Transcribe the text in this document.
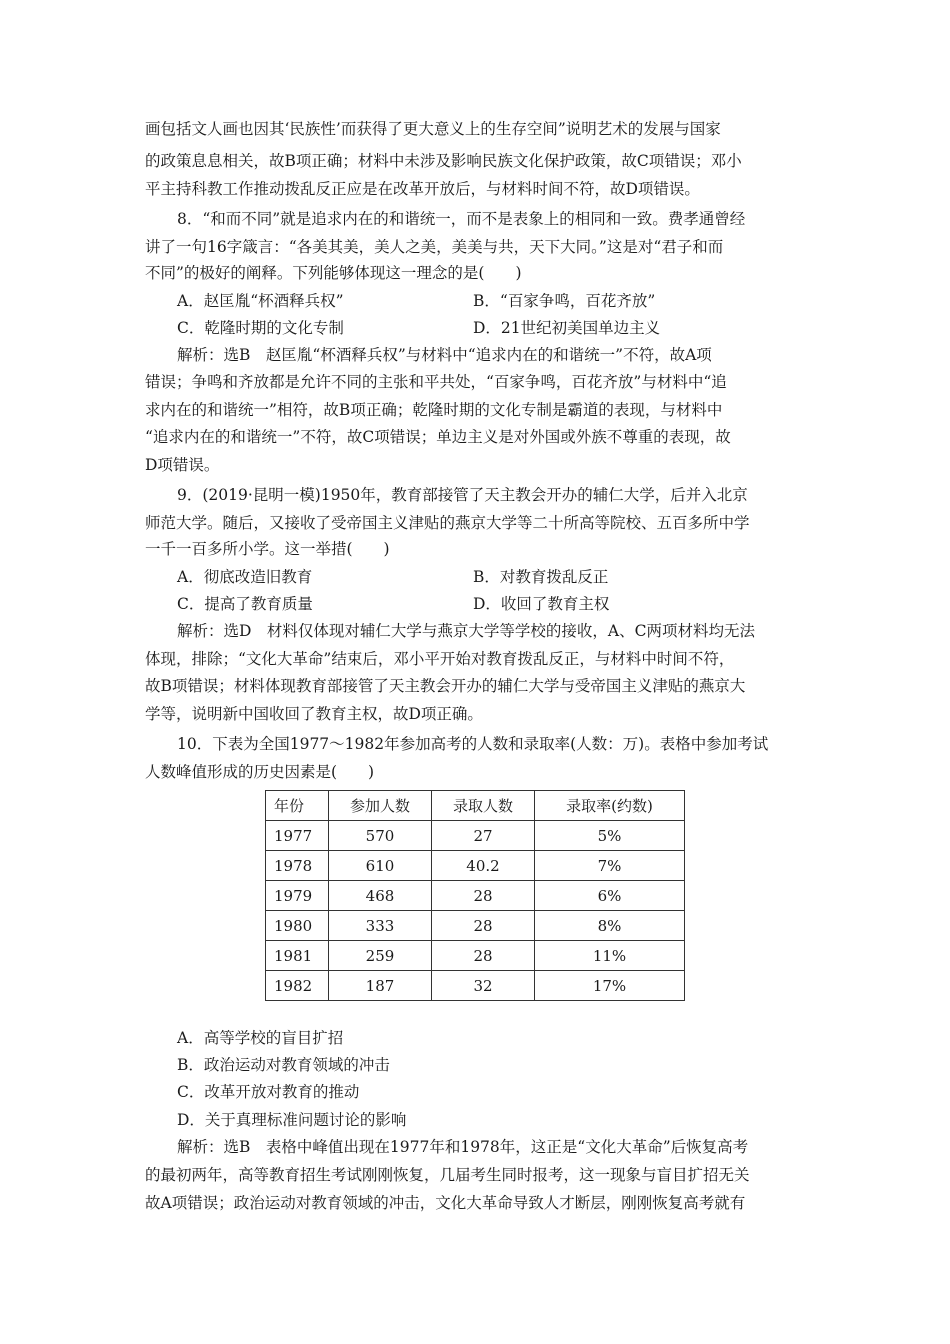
画包括文人画也因其‘民族性’而获得了更大意义上的生存空间”说明艺术的发展与国家
的政策息息相关，故B项正确；材料中未涉及影响民族文化保护政策，故C项错误；邓小
平主持科教工作推动拨乱反正应是在改革开放后，与材料时间不符，故D项错误。
8．“和而不同”就是追求内在的和谐统一，而不是表象上的相同和一致。费孝通曾经
讲了一句16字箴言：“各美其美，美人之美，美美与共，天下大同。”这是对“君子和而
不同”的极好的阐释。下列能够体现这一理念的是(　　)
A．赵匡胤“杯酒释兵权”	B．“百家争鸣，百花齐放”
C．乾隆时期的文化专制	D．21世纪初美国单边主义
解析：选B　赵匡胤“杯酒释兵权”与材料中“追求内在的和谐统一”不符，故A项
错误；争鸣和齐放都是允许不同的主张和平共处，“百家争鸣，百花齐放”与材料中“追
求内在的和谐统一”相符，故B项正确；乾隆时期的文化专制是霸道的表现，与材料中
“追求内在的和谐统一”不符，故C项错误；单边主义是对外国或外族不尊重的表现，故
D项错误。
9．(2019·昆明一模)1950年，教育部接管了天主教会开办的辅仁大学，后并入北京
师范大学。随后，又接收了受帝国主义津贴的燕京大学等二十所高等院校、五百多所中学
一千一百多所小学。这一举措(　　)
A．彻底改造旧教育	B．对教育拨乱反正
C．提高了教育质量	D．收回了教育主权
解析：选D　材料仅体现对辅仁大学与燕京大学等学校的接收，A、C两项材料均无法
体现，排除；“文化大革命”结束后，邓小平开始对教育拨乱反正，与材料中时间不符，
故B项错误；材料体现教育部接管了天主教会开办的辅仁大学与受帝国主义津贴的燕京大
学等，说明新中国收回了教育主权，故D项正确。
10．下表为全国1977～1982年参加高考的人数和录取率(人数：万)。表格中参加考试
人数峰值形成的历史因素是(　　)
年份	参加人数	录取人数	录取率(约数)
1977	570	27	5%
1978	610	40.2	7%
1979	468	28	6%
1980	333	28	8%
1981	259	28	11%
1982	187	32	17%
A．高等学校的盲目扩招
B．政治运动对教育领域的冲击
C．改革开放对教育的推动
D．关于真理标准问题讨论的影响
解析：选B　表格中峰值出现在1977年和1978年，这正是“文化大革命”后恢复高考
的最初两年，高等教育招生考试刚刚恢复，几届考生同时报考，这一现象与盲目扩招无关
故A项错误；政治运动对教育领域的冲击，文化大革命导致人才断层，刚刚恢复高考就有
